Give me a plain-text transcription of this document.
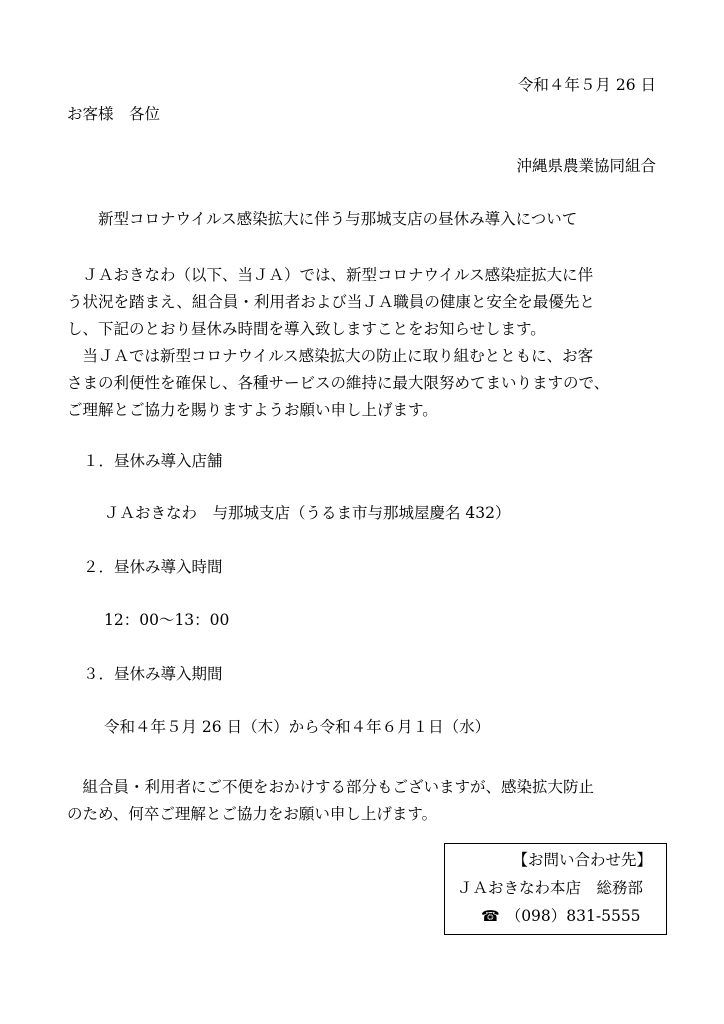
令和４年５月 26 日
お客様　各位
沖縄県農業協同組合
新型コロナウイルス感染拡大に伴う与那城支店の昼休み導入について
　ＪＡおきなわ（以下、当ＪＡ）では、新型コロナウイルス感染症拡大に伴
う状況を踏まえ、組合員・利用者および当ＪＡ職員の健康と安全を最優先と
し、下記のとおり昼休み時間を導入致しますことをお知らせします。
　当ＪＡでは新型コロナウイルス感染拡大の防止に取り組むとともに、お客
さまの利便性を確保し、各種サービスの維持に最大限努めてまいりますので、
ご理解とご協力を賜りますようお願い申し上げます。
１．昼休み導入店舗
ＪＡおきなわ　与那城支店（うるま市与那城屋慶名 432）
２．昼休み導入時間
12：00～13：00
３．昼休み導入期間
令和４年５月 26 日（木）から令和４年６月１日（水）
　組合員・利用者にご不便をおかけする部分もございますが、感染拡大防止
のため、何卒ご理解とご協力をお願い申し上げます。
【お問い合わせ先】
ＪＡおきなわ本店　総務部
☎ （098）831-5555
